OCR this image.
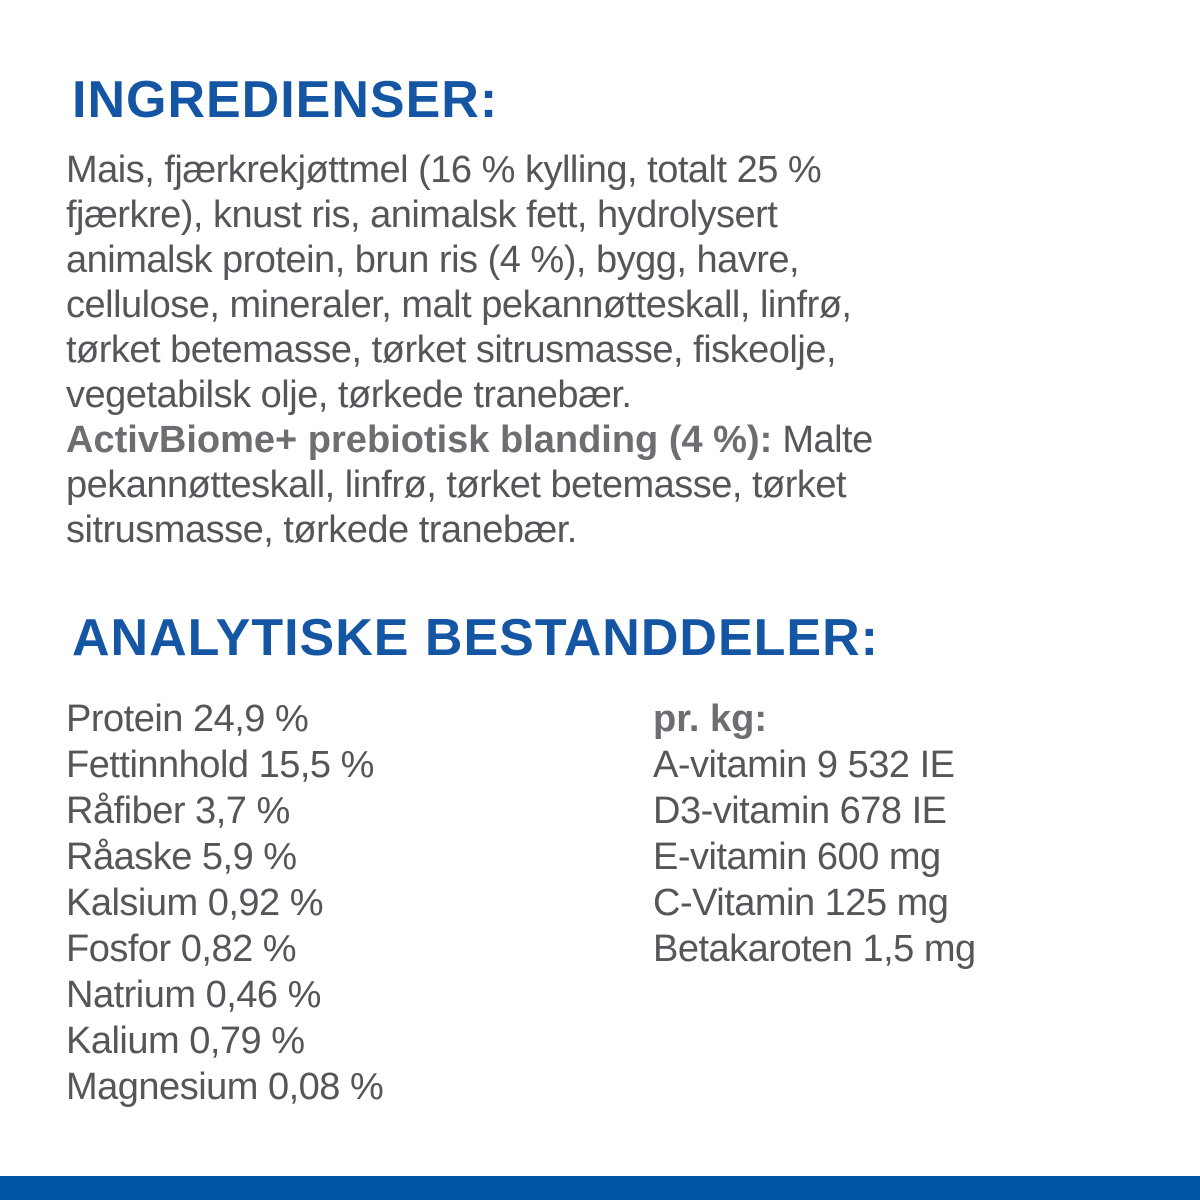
INGREDIENSER:
Mais, fjærkrekjøttmel (16 % kylling, totalt 25 %
fjærkre), knust ris, animalsk fett, hydrolysert
animalsk protein, brun ris (4 %), bygg, havre,
cellulose, mineraler, malt pekannøtteskall, linfrø,
tørket betemasse, tørket sitrusmasse, fiskeolje,
vegetabilsk olje, tørkede tranebær.
ActivBiome+ prebiotisk blanding (4 %): Malte
pekannøtteskall, linfrø, tørket betemasse, tørket
sitrusmasse, tørkede tranebær.
ANALYTISKE BESTANDDELER:
Protein 24,9 %
Fettinnhold 15,5 %
Råfiber 3,7 %
Råaske 5,9 %
Kalsium 0,92 %
Fosfor 0,82 %
Natrium 0,46 %
Kalium 0,79 %
Magnesium 0,08 %
pr. kg:
A-vitamin 9 532 IE
D3-vitamin 678 IE
E-vitamin 600 mg
C-Vitamin 125 mg
Betakaroten 1,5 mg
